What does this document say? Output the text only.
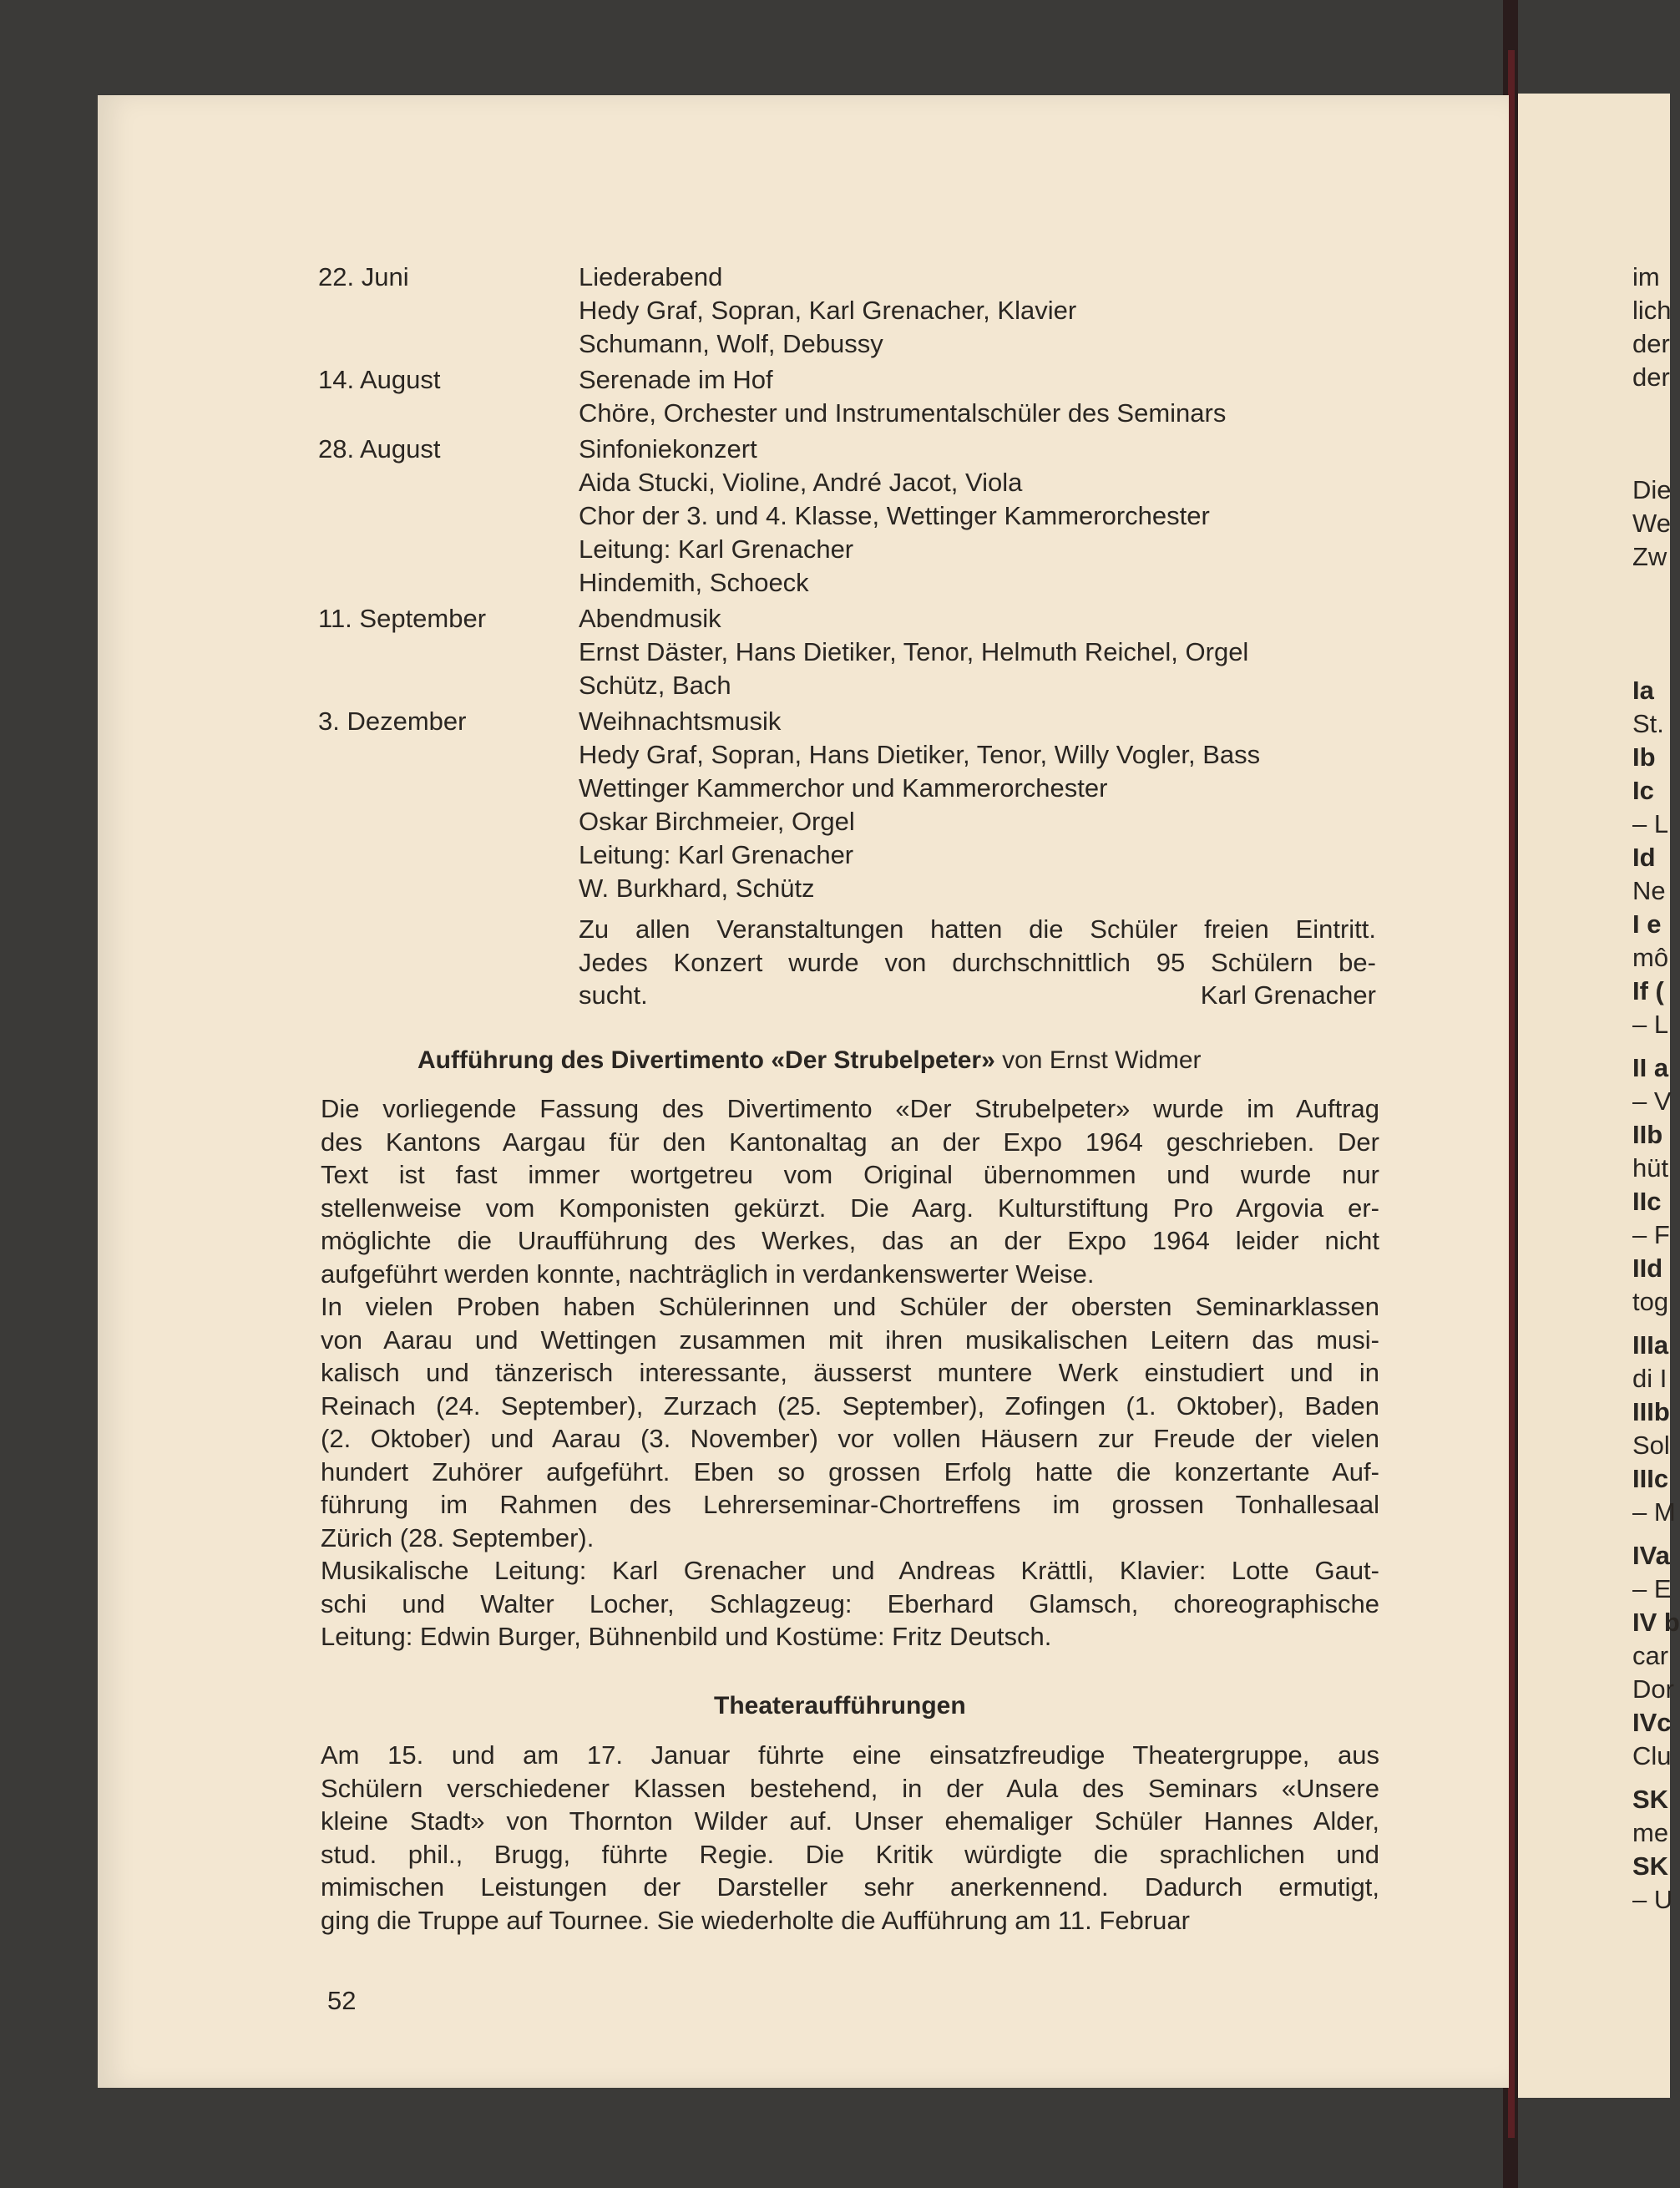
22. Juni	Liederabend
Hedy Graf, Sopran, Karl Grenacher, Klavier
Schumann, Wolf, Debussy
14. August	Serenade im Hof
Chöre, Orchester und Instrumentalschüler des Seminars
28. August	Sinfoniekonzert
Aida Stucki, Violine, André Jacot, Viola
Chor der 3. und 4. Klasse, Wettinger Kammerorchester
Leitung: Karl Grenacher
Hindemith, Schoeck
11. September	Abendmusik
Ernst Däster, Hans Dietiker, Tenor, Helmuth Reichel, Orgel
Schütz, Bach
3. Dezember	Weihnachtsmusik
Hedy Graf, Sopran, Hans Dietiker, Tenor, Willy Vogler, Bass
Wettinger Kammerchor und Kammerorchester
Oskar Birchmeier, Orgel
Leitung: Karl Grenacher
W. Burkhard, Schütz
Zu allen Veranstaltungen hatten die Schüler freien Eintritt.
Jedes Konzert wurde von durchschnittlich 95 Schülern be-
sucht.	Karl Grenacher
Aufführung des Divertimento «Der Strubelpeter» von Ernst Widmer
Die vorliegende Fassung des Divertimento «Der Strubelpeter» wurde im Auftrag
des Kantons Aargau für den Kantonaltag an der Expo 1964 geschrieben. Der
Text ist fast immer wortgetreu vom Original übernommen und wurde nur
stellenweise vom Komponisten gekürzt. Die Aarg. Kulturstiftung Pro Argovia er-
möglichte die Uraufführung des Werkes, das an der Expo 1964 leider nicht
aufgeführt werden konnte, nachträglich in verdankenswerter Weise.
In vielen Proben haben Schülerinnen und Schüler der obersten Seminarklassen
von Aarau und Wettingen zusammen mit ihren musikalischen Leitern das musi-
kalisch und tänzerisch interessante, äusserst muntere Werk einstudiert und in
Reinach (24. September), Zurzach (25. September), Zofingen (1. Oktober), Baden
(2. Oktober) und Aarau (3. November) vor vollen Häusern zur Freude der vielen
hundert Zuhörer aufgeführt. Eben so grossen Erfolg hatte die konzertante Auf-
führung im Rahmen des Lehrerseminar-Chortreffens im grossen Tonhallesaal
Zürich (28. September).
Musikalische Leitung: Karl Grenacher und Andreas Krättli, Klavier: Lotte Gaut-
schi und Walter Locher, Schlagzeug: Eberhard Glamsch, choreographische
Leitung: Edwin Burger, Bühnenbild und Kostüme: Fritz Deutsch.
Theateraufführungen
Am 15. und am 17. Januar führte eine einsatzfreudige Theatergruppe, aus
Schülern verschiedener Klassen bestehend, in der Aula des Seminars «Unsere
kleine Stadt» von Thornton Wilder auf. Unser ehemaliger Schüler Hannes Alder,
stud. phil., Brugg, führte Regie. Die Kritik würdigte die sprachlichen und
mimischen Leistungen der Darsteller sehr anerkennend. Dadurch ermutigt,
ging die Truppe auf Tournee. Sie wiederholte die Aufführung am 11. Februar
52
im
lich
der
der
Die
We
Zw
Ia
St.
Ib
Ic
– L
Id
Ne
I e
mô
If (
– L
II a
– V
IIb
hüt
IIc
– F
IId
tog
IIIa
di I
IIIb
Sol
IIIc
– M
IVa
– E
IV b
car
Dor
IVc
Clu
SK
me
SK
– U
